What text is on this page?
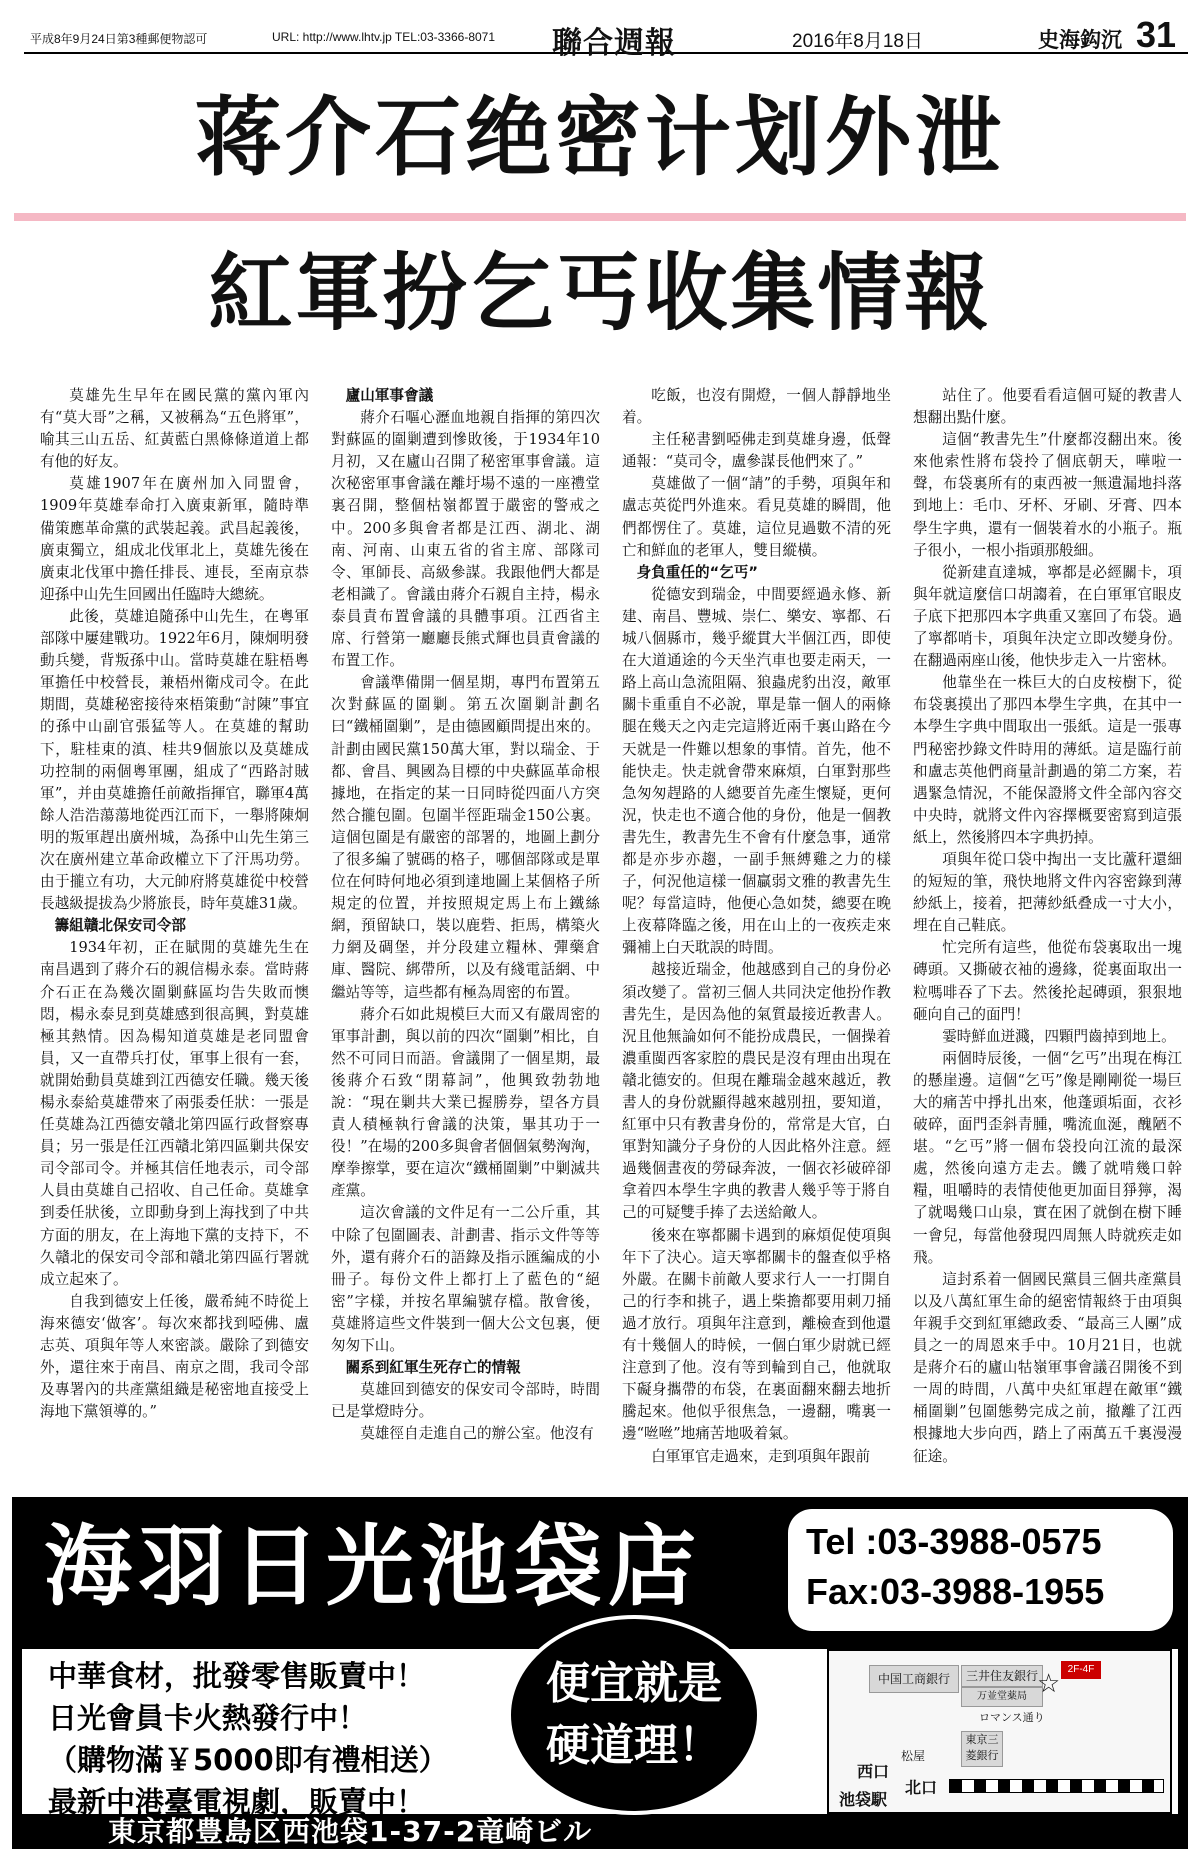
平成8年9月24日第3種郵便物認可	URL: http://www.lhtv.jp TEL:03-3366-8071 聯合週報	2016年8月18日	史海鈎沉 31
蒋介石绝密计划外泄
紅軍扮乞丐收集情報

莫雄先生早年在國民黨的黨內軍內有“莫大哥”之稱，又被稱為“五色將軍”，喻其三山五岳、紅黃藍白黑條條道道上都有他的好友。

莫雄1907年在廣州加入同盟會，1909年莫雄奉命打入廣東新軍，隨時準備策應革命黨的武裝起義。武昌起義後，廣東獨立，組成北伐軍北上，莫雄先後在廣東北伐軍中擔任排長、連長，至南京恭迎孫中山先生回國出任臨時大總統。

此後，莫雄追隨孫中山先生，在粵軍部隊中屢建戰功。1922年6月，陳炯明發動兵變，背叛孫中山。當時莫雄在駐梧粵軍擔任中校營長，兼梧州衛戍司令。在此期間，莫雄秘密接待來梧策動“討陳”事宜的孫中山副官張猛等人。在莫雄的幫助下，駐桂東的滇、桂共9個旅以及莫雄成功控制的兩個粵軍團，組成了“西路討賊軍”，并由莫雄擔任前敵指揮官，聯軍4萬餘人浩浩蕩蕩地從西江而下，一舉將陳炯明的叛軍趕出廣州城，為孫中山先生第三次在廣州建立革命政權立下了汗馬功勞。由于攏立有功，大元帥府將莫雄從中校營長越級提拔為少將旅長，時年莫雄31歲。

籌組贛北保安司令部

1934年初，正在賦閒的莫雄先生在南昌遇到了蔣介石的親信楊永泰。當時蔣介石正在為幾次圍剿蘇區均告失敗而懊悶，楊永泰見到莫雄感到很高興，對莫雄極其熱情。因為楊知道莫雄是老同盟會員，又一直帶兵打仗，軍事上很有一套，就開始動員莫雄到江西德安任職。幾天後楊永泰給莫雄帶來了兩張委任狀：一張是任莫雄為江西德安贛北第四區行政督察專員；另一張是任江西贛北第四區剿共保安司令部司令。并極其信任地表示，司令部人員由莫雄自己招收、自己任命。莫雄拿到委任狀後，立即動身到上海找到了中共方面的朋友，在上海地下黨的支持下，不久贛北的保安司令部和贛北第四區行署就成立起來了。

自我到德安上任後，嚴希純不時從上海來德安‘做客’。每次來都找到啞佛、盧志英、項與年等人來密談。嚴除了到德安外，還往來于南昌、南京之間，我司令部及專署內的共產黨組織是秘密地直接受上海地下黨領導的。”

廬山軍事會議

蔣介石嘔心瀝血地親自指揮的第四次對蘇區的圍剿遭到慘敗後，于1934年10月初，又在廬山召開了秘密軍事會議。這次秘密軍事會議在離圩場不遠的一座禮堂裏召開，整個枯嶺都置于嚴密的警戒之中。200多與會者都是江西、湖北、湖南、河南、山東五省的省主席、部隊司令、軍師長、高級參謀。我跟他們大都是老相識了。會議由蔣介石親自主持，楊永泰員責布置會議的具體事項。江西省主席、行營第一廳廳長熊式輝也員責會議的布置工作。

會議準備開一個星期，專門布置第五次對蘇區的圍剿。第五次圍剿計劃名曰“鐵桶圍剿”，是由德國顧問提出來的。計劃由國民黨150萬大軍，對以瑞金、于都、會昌、興國為目標的中央蘇區革命根據地，在指定的某一日同時從四面八方突然合攏包圍。包圍半徑距瑞金150公裏。這個包圍是有嚴密的部署的，地圖上劃分了很多編了號碼的格子，哪個部隊或是單位在何時何地必須到達地圖上某個格子所規定的位置，并按照規定馬上布上鐵絲網，預留缺口，裝以鹿砦、拒馬，構築火力網及碉堡，并分段建立糧林、彈藥倉庫、醫院、綁帶所，以及有綫電話網、中繼站等等，這些都有極為周密的布置。

蔣介石如此規模巨大而又有嚴周密的軍事計劃，與以前的四次“圍剿”相比，自然不可同日而語。會議開了一個星期，最後蔣介石致“閉幕詞”，他興致勃勃地說：“現在剿共大業已握勝券，望各方員責人積極執行會議的決策，畢其功于一役！”在場的200多與會者個個氣勢洶洶，摩拳擦掌，要在這次“鐵桶圍剿”中剿滅共產黨。

這次會議的文件足有一二公斤重，其中除了包圍圖表、計劃書、指示文件等等外，還有蔣介石的語錄及指示匯編成的小冊子。每份文件上都打上了藍色的“絕密”字樣，并按名單編號存檔。散會後，莫雄將這些文件裝到一個大公文包裏，便匆匆下山。

關系到紅軍生死存亡的情報

莫雄回到德安的保安司令部時，時間已是掌燈時分。

莫雄徑自走進自己的辦公室。他沒有

吃飯，也沒有開燈，一個人靜靜地坐着。

主任秘書劉啞佛走到莫雄身邊，低聲通報：“莫司令，盧參謀長他們來了。”

莫雄做了一個“請”的手勢，項與年和盧志英從門外進來。看見莫雄的瞬間，他們都愣住了。莫雄，這位見過數不清的死亡和鮮血的老軍人，雙目縱橫。

身負重任的“乞丐”

從德安到瑞金，中間要經過永修、新建、南昌、豐城、崇仁、樂安、寧都、石城八個縣市，幾乎縱貫大半個江西，即使在大道通途的今天坐汽車也要走兩天，一路上高山急流阻隔、狼蟲虎豹出沒，敵軍關卡重重自不必說，單是靠一個人的兩條腿在幾天之內走完這將近兩千裏山路在今天就是一件難以想象的事情。首先，他不能快走。快走就會帶來麻煩，白軍對那些急匆匆趕路的人總要首先產生懷疑，更何況，快走也不適合他的身份，他是一個教書先生，教書先生不會有什麼急事，通常都是亦步亦趨，一副手無縛雞之力的樣子，何況他這樣一個贏弱文雅的教書先生呢？每當這時，他便心急如焚，總要在晚上夜幕降臨之後，用在山上的一夜疾走來彌補上白天耽誤的時間。

越接近瑞金，他越感到自己的身份必須改變了。當初三個人共同決定他扮作教書先生，是因為他的氣質最接近教書人。況且他無論如何不能扮成農民，一個操着濃重閩西客家腔的農民是沒有理由出現在贛北德安的。但現在離瑞金越來越近，教書人的身份就顯得越來越別扭，要知道，紅軍中只有教書身份的，常常是大官，白軍對知識分子身份的人因此格外注意。經過幾個晝夜的勞碌奔波，一個衣衫破碎卻拿着四本學生字典的教書人幾乎等于將自己的可疑雙手捧了去送給敵人。

後來在寧都關卡遇到的麻煩促使項與年下了決心。這天寧都關卡的盤查似乎格外嚴。在關卡前敵人要求行人一一打開自己的行李和挑子，遇上柴擔都要用刺刀捅過才放行。項與年注意到，離檢查到他還有十幾個人的時候，一個白軍少尉就已經注意到了他。沒有等到輪到自己，他就取下礙身攜帶的布袋，在裏面翻來翻去地折騰起來。他似乎很焦急，一邊翻，嘴裏一邊“咝咝”地痛苦地吸着氣。

白軍軍官走過來，走到項與年跟前

站住了。他要看看這個可疑的教書人想翻出點什麼。

這個“教書先生”什麼都沒翻出來。後來他索性將布袋拎了個底朝天，嘩啦一聲，布袋裏所有的東西被一無遺漏地抖落到地上：毛巾、牙杯、牙刷、牙膏、四本學生字典，還有一個裝着水的小瓶子。瓶子很小，一根小指頭那般細。

從新建直達城，寧都是必經關卡，項與年就這麼信口胡謅着，在白軍軍官眼皮子底下把那四本字典重又塞回了布袋。過了寧都哨卡，項與年決定立即改變身份。在翻過兩座山後，他快步走入一片密林。

他靠坐在一株巨大的白皮桉樹下，從布袋裏摸出了那四本學生字典，在其中一本學生字典中間取出一張紙。這是一張專門秘密抄錄文件時用的薄紙。這是臨行前和盧志英他們商量計劃過的第二方案，若遇緊急情況，不能保證將文件全部內容交中央時，就將文件內容擇概要密寫到這張紙上，然後將四本字典扔掉。

項與年從口袋中掏出一支比蘆秆還細的短短的筆，飛快地將文件內容密錄到薄紗紙上，接着，把薄紗紙叠成一寸大小，埋在自己鞋底。

忙完所有這些，他從布袋裏取出一塊磚頭。又撕破衣袖的邊緣，從裏面取出一粒嗎啡吞了下去。然後抡起磚頭，狠狠地砸向自己的面門！

霎時鮮血迸濺，四顆門齒掉到地上。

兩個時辰後，一個“乞丐”出現在梅江的懸崖邊。這個“乞丐”像是剛剛從一場巨大的痛苦中掙扎出來，他蓬頭垢面，衣衫破碎，面門歪斜青腫，嘴流血涎，醜陋不堪。“乞丐”將一個布袋投向江流的最深處，然後向遠方走去。饑了就啃幾口幹糧，咀嚼時的表情使他更加面目猙獰，渴了就喝幾口山泉，實在困了就倒在樹下睡一會兒，每當他發現四周無人時就疾走如飛。

這封系着一個國民黨員三個共產黨員以及八萬紅軍生命的絕密情報終于由項與年親手交到紅軍總政委、“最高三人團”成員之一的周恩來手中。10月21日，也就是蔣介石的廬山牯嶺軍事會議召開後不到一周的時間，八萬中央紅軍趕在敵軍“鐵桶圍剿”包圍態勢完成之前，撤離了江西根據地大步向西，踏上了兩萬五千裏漫漫征途。

海羽日光池袋店	Tel :03-3988-0575
Fax:03-3988-1955
中華食材，批發零售販賣中！
日光會員卡火熱發行中！
（購物滿￥5000即有禮相送）
最新中港臺電視劇，販賣中！
便宜就是
硬道理！
中国工商銀行	三井住友銀行
万並堂薬局 ☆ 2F-4F
ロマンス通り
東京三菱銀行
松屋
西口
北口
池袋駅
東京都豊島区西池袋1-37-2竜崎ビル
